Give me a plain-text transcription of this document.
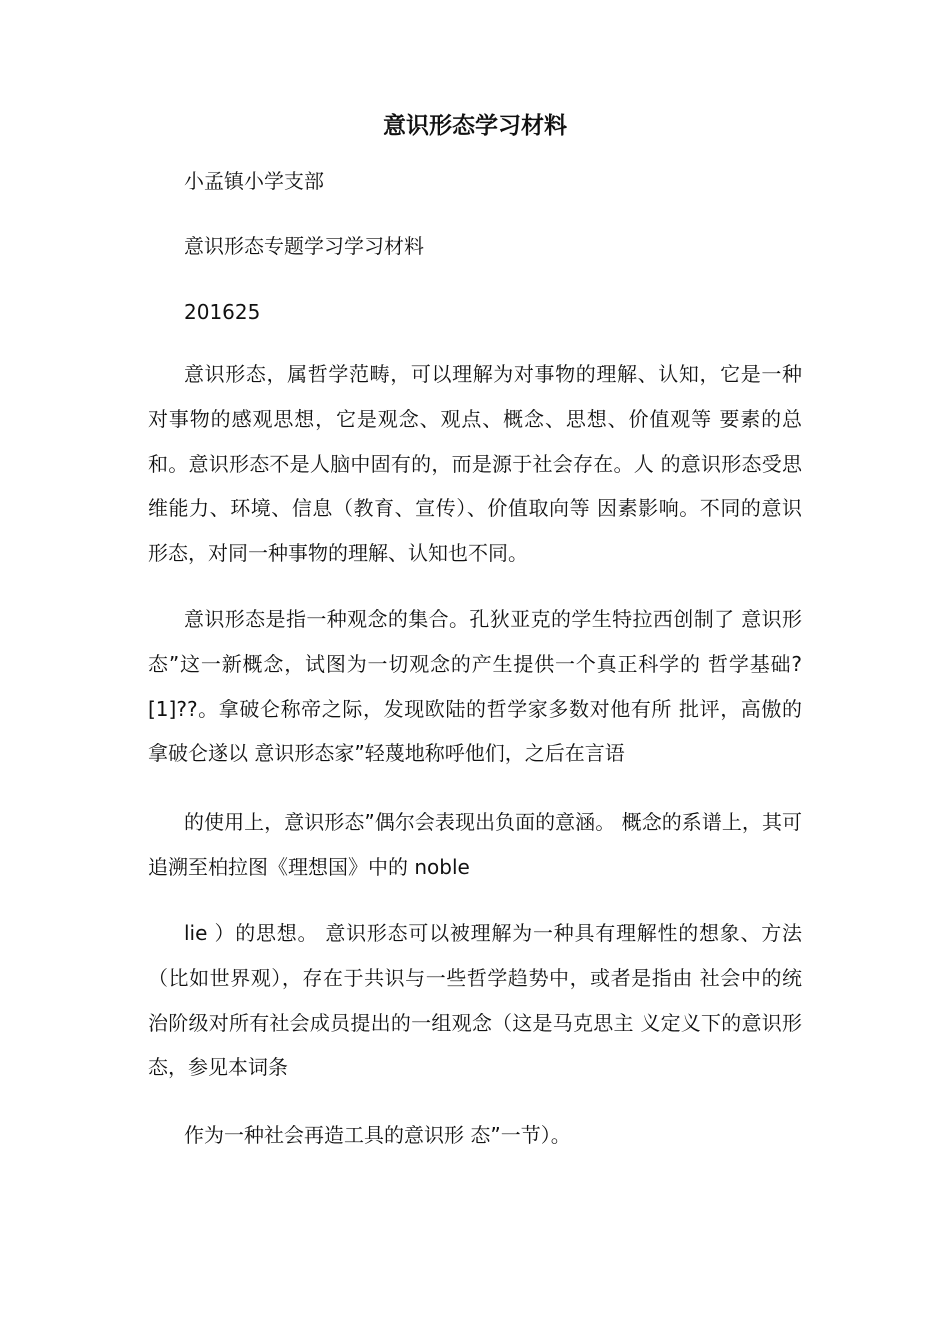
意识形态学习材料

小孟镇小学支部

意识形态专题学习学习材料

201625

意识形态，属哲学范畴，可以理解为对事物的理解、认知，它是一种对事物的感观思想，它是观念、观点、概念、思想、价值观等 要素的总和。意识形态不是人脑中固有的，而是源于社会存在。人 的意识形态受思维能力、环境、信息（教育、宣传）、价值取向等 因素影响。不同的意识形态，对同一种事物的理解、认知也不同。

意识形态是指一种观念的集合。孔狄亚克的学生特拉西创制了 意识形态”这一新概念，试图为一切观念的产生提供一个真正科学的 哲学基础?[1]??。拿破仑称帝之际，发现欧陆的哲学家多数对他有所 批评，高傲的拿破仑遂以 意识形态家”轻蔑地称呼他们，之后在言语

的使用上，意识形态”偶尔会表现出负面的意涵。 概念的系谱上，其可追溯至柏拉图《理想国》中的 noble

lie ）的思想。 意识形态可以被理解为一种具有理解性的想象、方法（比如世界观），存在于共识与一些哲学趋势中，或者是指由 社会中的统治阶级对所有社会成员提出的一组观念（这是马克思主 义定义下的意识形态，参见本词条

作为一种社会再造工具的意识形 态”一节）。
